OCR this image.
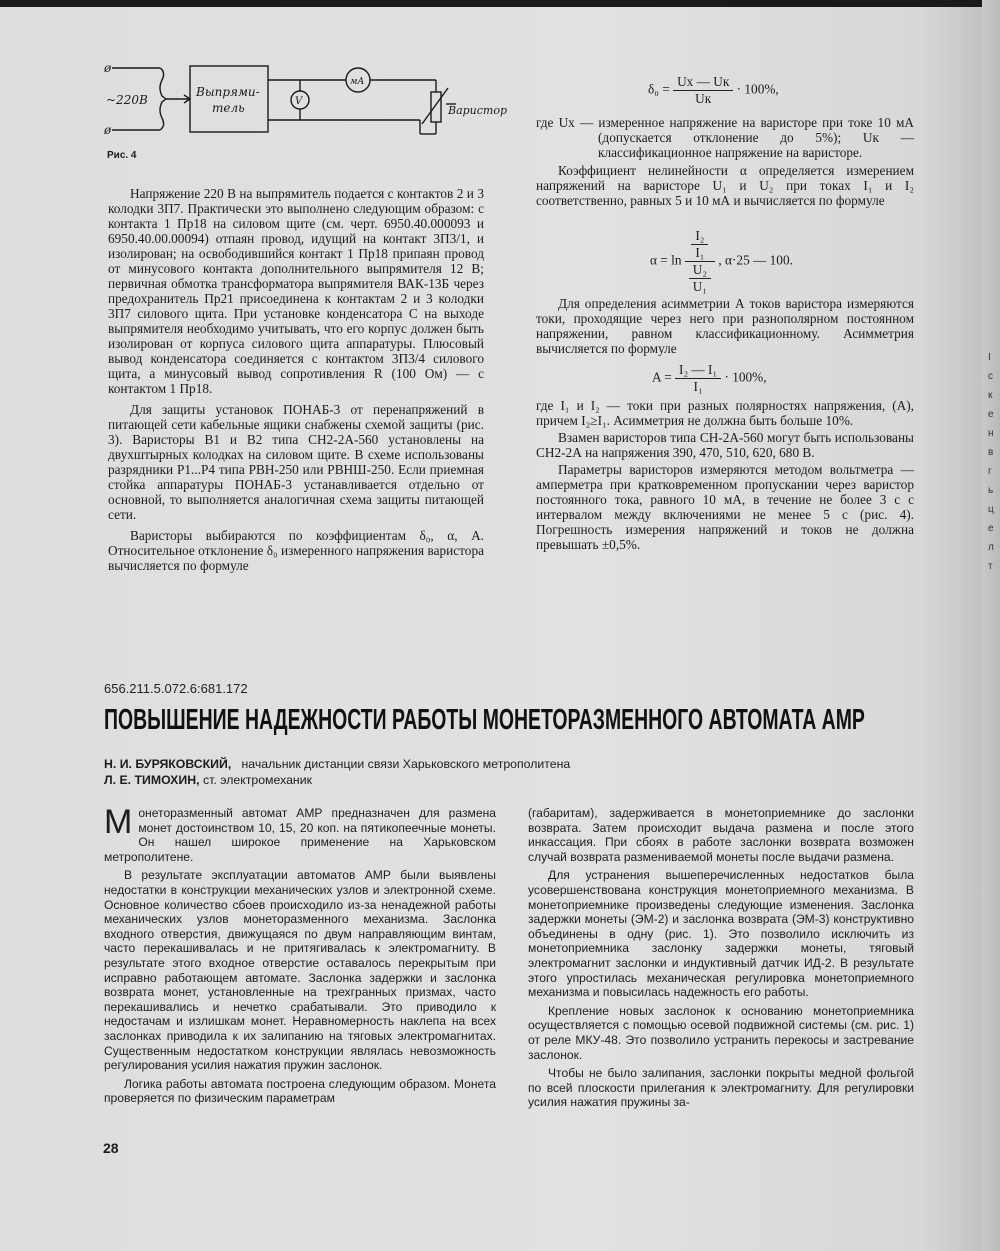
I
с
к
е
н
в
г
ь
ц
е
л
т
ø
ø
~220В
Выпрями-
тель	V
мА
Варистор
Рис. 4

Напряжение 220 В на выпрямитель подается с контактов 2 и 3 колодки 3П7. Практически это выполнено следующим образом: с контакта 1 Пр18 на силовом щите (см. черт. 6950.40.000093 и 6950.40.00.00094) отпаян провод, идущий на контакт 3П3/1, и изолирован; на освободившийся контакт 1 Пр18 припаян провод от минусового контакта дополнительного выпрямителя 12 В; первичная обмотка трансформатора выпрямителя ВАК-13Б через предохранитель Пр21 присоединена к контактам 2 и 3 колодки 3П7 силового щита. При установке конденсатора С на выходе выпрямителя необходимо учитывать, что его корпус должен быть изолирован от корпуса силового щита аппаратуры. Плюсовый вывод конденсатора соединяется с контактом 3П3/4 силового щита, а минусовый вывод сопротивления R (100 Ом) — с контактом 1 Пр18.

Для защиты установок ПОНАБ-3 от перенапряжений в питающей сети кабельные ящики снабжены схемой защиты (рис. 3). Варисторы В1 и В2 типа СН2-2А-560 установлены на двухштырных колодках на силовом щите. В схеме использованы разрядники Р1...Р4 типа РВН-250 или РВНШ-250. Если приемная стойка аппаратуры ПОНАБ-3 устанавливается отдельно от основной, то выполняется аналогичная схема защиты питающей сети.

Варисторы выбираются по коэффициентам δ₀, α, А. Относительное отклонение δ₀ измеренного напряжения варистора вычисляется по формуле

$\delta_0 = \frac{Uх — Uк}{Uк} \cdot 100\%$,

где Uх — измеренное напряжение на варисторе при токе 10 мА (допускается отклонение до 5%); Uк — классификационное напряжение на варисторе.

Коэффициент нелинейности α определяется измерением напряжений на варисторе U₁ и U₂ при токах I₁ и I₂ соответственно, равных 5 и 10 мА и вычисляется по формуле

$\alpha = \ln \frac{\frac{\text{I₂}}{\text{I₁}}}{\frac{\text{U₂}}{\text{U₁}}}$ , α·25 — 100.

Для определения асимметрии А токов варистора измеряются токи, проходящие через него при разнополярном постоянном напряжении, равном классификационному. Асимметрия вычисляется по формуле

$A = \frac{\text{I₂ — I₁}}{\text{I₁}} \cdot 100\%$,

где I₁ и I₂ — токи при разных полярностях напряжения, (А), причем I₂≥I₁. Асимметрия не должна быть больше 10%.

Взамен варисторов типа СН-2А-560 могут быть использованы СН2-2А на напряжения 390, 470, 510, 620, 680 В.

Параметры варисторов измеряются методом вольтметра — амперметра при кратковременном пропускании через варистор постоянного тока, равного 10 мА, в течение не более 3 с с интервалом между включениями не менее 5 с (рис. 4). Погрешность измерения напряжений и токов не должна превышать ±0,5%.

656.211.5.072.6:681.172
ПОВЫШЕНИЕ НАДЕЖНОСТИ РАБОТЫ МОНЕТОРАЗМЕННОГО АВТОМАТА АМР
Н. И. БУРЯКОВСКИЙ, начальник дистанции связи Харьковского метрополитена
Л. Е. ТИМОХИН, ст. электромеханик

Монеторазменный автомат АМР предназначен для размена монет достоинством 10, 15, 20 коп. на пятикопеечные монеты. Он нашел широкое применение на Харьковском метрополитене.

В результате эксплуатации автоматов АМР были выявлены недостатки в конструкции механических узлов и электронной схеме. Основное количество сбоев происходило из-за ненадежной работы механических узлов монеторазменного механизма. Заслонка входного отверстия, движущаяся по двум направляющим винтам, часто перекашивалась и не притягивалась к электромагниту. В результате этого входное отверстие оставалось перекрытым при исправно работающем автомате. Заслонка задержки и заслонка возврата монет, установленные на трехгранных призмах, часто перекашивались и нечетко срабатывали. Это приводило к недостачам и излишкам монет. Неравномерность наклепа на всех заслонках приводила к их залипанию на тяговых электромагнитах. Существенным недостатком конструкции являлась невозможность регулирования усилия нажатия пружин заслонок.

Логика работы автомата построена следующим образом. Монета проверяется по физическим параметрам

(габаритам), задерживается в монетоприемнике до заслонки возврата. Затем происходит выдача размена и после этого инкассация. При сбоях в работе заслонки возврата возможен случай возврата разменивaемой монеты после выдачи размена.

Для устранения вышеперечисленных недостатков была усовершенствована конструкция монетоприемного механизма. В монетоприемнике произведены следующие изменения. Заслонка задержки монеты (ЭМ-2) и заслонка возврата (ЭМ-3) конструктивно объединены в одну (рис. 1). Это позволило исключить из монетоприемника заслонку задержки монеты, тяговый электромагнит заслонки и индуктивный датчик ИД-2. В результате этого упростилась механическая регулировка монетоприемного механизма и повысилась надежность его работы.

Крепление новых заслонок к основанию монетоприемника осуществляется с помощью осевой подвижной системы (см. рис. 1) от реле МКУ-48. Это позволило устранить перекосы и застревание заслонок.

Чтобы не было залипания, заслонки покрыты медной фольгой по всей плоскости прилегания к электромагниту. Для регулировки усилия нажатия пружины за-

28
